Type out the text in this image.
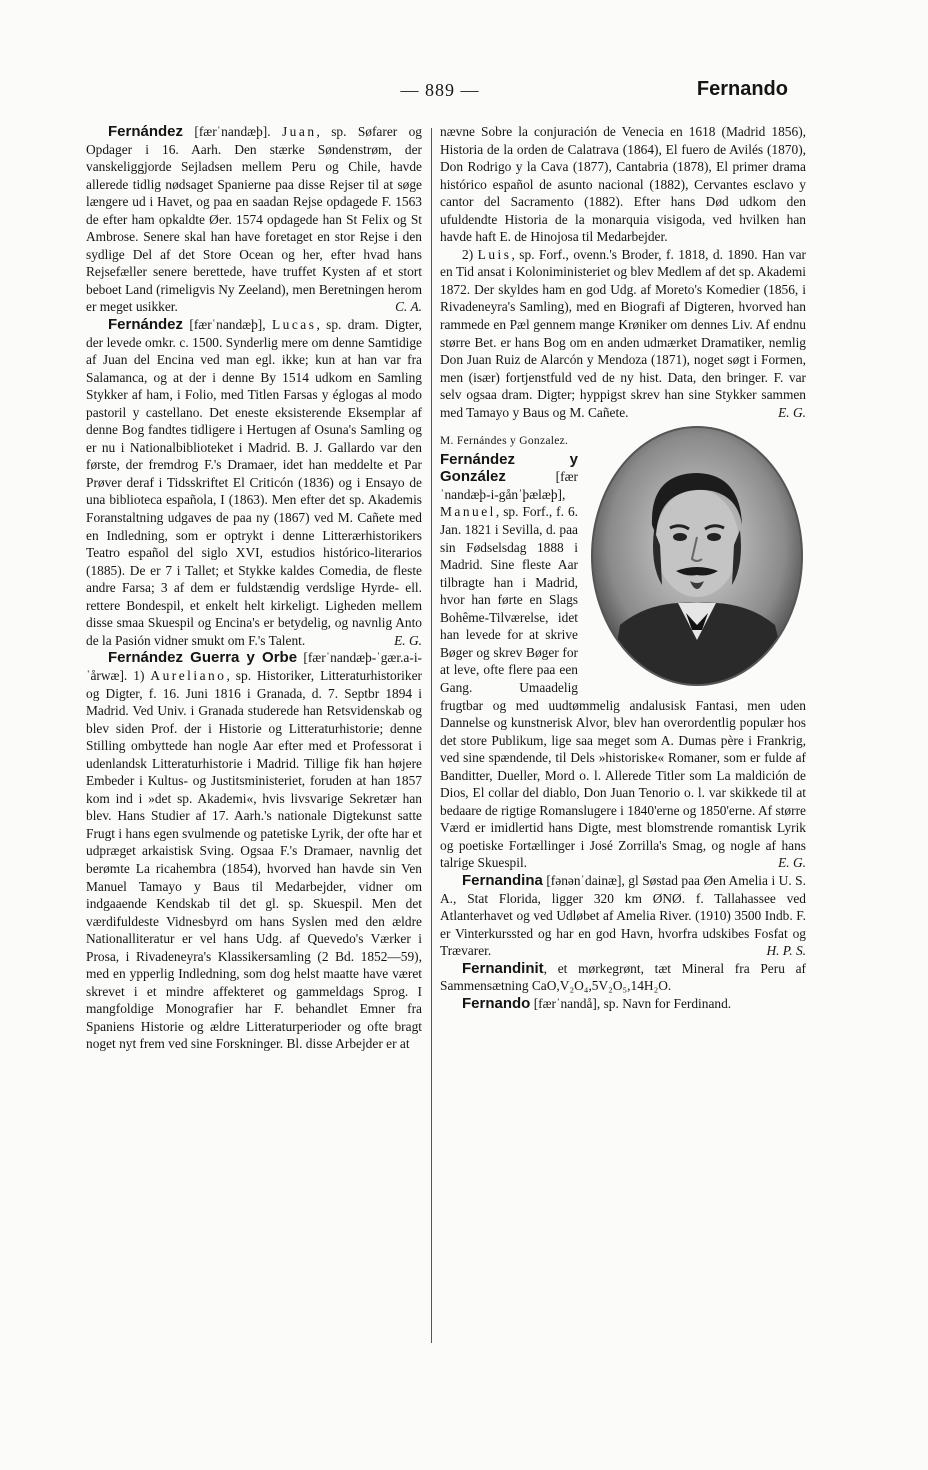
— 889 —	Fernando

Fernández [færˈnandæþ]. Juan, sp. Søfarer og Opdager i 16. Aarh. Den stærke Søndenstrøm, der vanskeliggjorde Sejladsen mellem Peru og Chile, havde allerede tidlig nødsaget Spanierne paa disse Rejser til at søge længere ud i Havet, og paa en saadan Rejse opdagede F. 1563 de efter ham opkaldte Øer. 1574 opdagede han St Felix og St Ambrose. Senere skal han have foretaget en stor Rejse i den sydlige Del af det Store Ocean og her, efter hvad hans Rejsefæller senere berettede, have truffet Kysten af et stort beboet Land (rimeligvis Ny Zeeland), men Beretningen herom er meget usikker.	C. A.

Fernández [færˈnandæþ], Lucas, sp. dram. Digter, der levede omkr. c. 1500. Synderlig mere om denne Samtidige af Juan del Encina ved man egl. ikke; kun at han var fra Salamanca, og at der i denne By 1514 udkom en Samling Stykker af ham, i Folio, med Titlen Farsas y églogas al modo pastoril y castellano. Det eneste eksisterende Eksemplar af denne Bog fandtes tidligere i Hertugen af Osuna's Samling og er nu i Nationalbiblioteket i Madrid. B. J. Gallardo var den første, der fremdrog F.'s Dramaer, idet han meddelte et Par Prøver deraf i Tidsskriftet El Criticón (1836) og i Ensayo de una biblioteca española, I (1863). Men efter det sp. Akademis Foranstaltning udgaves de paa ny (1867) ved M. Cañete med en Indledning, som er optrykt i denne Litterærhistorikers Teatro español del siglo XVI, estudios histórico-literarios (1885). De er 7 i Tallet; et Stykke kaldes Comedia, de fleste andre Farsa; 3 af dem er fuldstændig verdslige Hyrde- ell. rettere Bondespil, et enkelt helt kirkeligt. Ligheden mellem disse smaa Skuespil og Encina's er betydelig, og navnlig Anto de la Pasión vidner smukt om F.'s Talent.	E. G.

Fernández Guerra y Orbe [færˈnandæþ-ˈgær.a-i-ˈårwæ]. 1) Aureliano, sp. Historiker, Litteraturhistoriker og Digter, f. 16. Juni 1816 i Granada, d. 7. Septbr 1894 i Madrid. Ved Univ. i Granada studerede han Retsvidenskab og blev siden Prof. der i Historie og Litteraturhistorie; denne Stilling ombyttede han nogle Aar efter med et Professorat i udenlandsk Litteraturhistorie i Madrid. Tillige fik han højere Embeder i Kultus- og Justitsministeriet, foruden at han 1857 kom ind i »det sp. Akademi«, hvis livsvarige Sekretær han blev. Hans Studier af 17. Aarh.'s nationale Digtekunst satte Frugt i hans egen svulmende og patetiske Lyrik, der ofte har et udpræget arkaistisk Sving. Ogsaa F.'s Dramaer, navnlig det berømte La ricahembra (1854), hvorved han havde sin Ven Manuel Tamayo y Baus til Medarbejder, vidner om indgaaende Kendskab til det gl. sp. Skuespil. Men det værdifuldeste Vidnesbyrd om hans Syslen med den ældre Nationalliteratur er vel hans Udg. af Quevedo's Værker i Prosa, i Rivadeneyra's Klassikersamling (2 Bd. 1852—59), med en ypperlig Indledning, som dog helst maatte have været skrevet i et mindre affekteret og gammeldags Sprog. I mangfoldige Monografier har F. behandlet Emner fra Spaniens Historie og ældre Litteraturperioder og ofte bragt noget nyt frem ved sine Forskninger. Bl. disse Arbejder er at

nævne Sobre la conjuración de Venecia en 1618 (Madrid 1856), Historia de la orden de Calatrava (1864), El fuero de Avilés (1870), Don Rodrigo y la Cava (1877), Cantabria (1878), El primer drama histórico español de asunto nacional (1882), Cervantes esclavo y cantor del Sacramento (1882). Efter hans Død udkom den ufuldendte Historia de la monarquia visigoda, ved hvilken han havde haft E. de Hinojosa til Medarbejder.

2) Luis, sp. Forf., ovenn.'s Broder, f. 1818, d. 1890. Han var en Tid ansat i Koloniministeriet og blev Medlem af det sp. Akademi 1872. Der skyldes ham en god Udg. af Moreto's Komedier (1856, i Rivadeneyra's Samling), med en Biografi af Digteren, hvorved han rammede en Pæl gennem mange Krøniker om dennes Liv. Af endnu større Bet. er hans Bog om en anden udmærket Dramatiker, nemlig Don Juan Ruiz de Alarcón y Mendoza (1871), noget søgt i Formen, men (især) fortjenstfuld ved de ny hist. Data, den bringer. F. var selv ogsaa dram. Digter; hyppigst skrev han sine Stykker sammen med Tamayo y Baus og M. Cañete.	E. G.

M. Fernándes y Gonzalez.
Fernández y González [færˈnandæþ-i-gånˈþælæþ], Manuel, sp. Forf., f. 6. Jan. 1821 i Sevilla, d. paa sin Fødselsdag 1888 i Madrid. Sine fleste Aar tilbragte han i Madrid, hvor han førte en Slags Bohême-Tilværelse, idet han levede for at skrive Bøger og skrev Bøger for at leve, ofte flere paa een Gang. Umaadelig frugtbar og med uudtømmelig andalusisk Fantasi, men uden Dannelse og kunstnerisk Alvor, blev han overordentlig populær hos det store Publikum, lige saa meget som A. Dumas père i Frankrig, ved sine spændende, til Dels »historiske« Romaner, som er fulde af Banditter, Dueller, Mord o. l. Allerede Titler som La maldición de Dios, El collar del diablo, Don Juan Tenorio o. l. var skikkede til at bedaare de rigtige Romanslugere i 1840'erne og 1850'erne. Af større Værd er imidlertid hans Digte, mest blomstrende romantisk Lyrik og poetiske Fortællinger i José Zorrilla's Smag, og nogle af hans talrige Skuespil.	E. G.

Fernandina [fənənˈdainæ], gl Søstad paa Øen Amelia i U. S. A., Stat Florida, ligger 320 km ØNØ. f. Tallahassee ved Atlanterhavet og ved Udløbet af Amelia River. (1910) 3500 Indb. F. er Vinterkurssted og har en god Havn, hvorfra udskibes Fosfat og Trævarer.	H. P. S.

Fernandinit, et mørkegrønt, tæt Mineral fra Peru af Sammensætning CaO,V₂O₄,5V₂O₅,14H₂O.

Fernando [færˈnandå], sp. Navn for Ferdinand.
